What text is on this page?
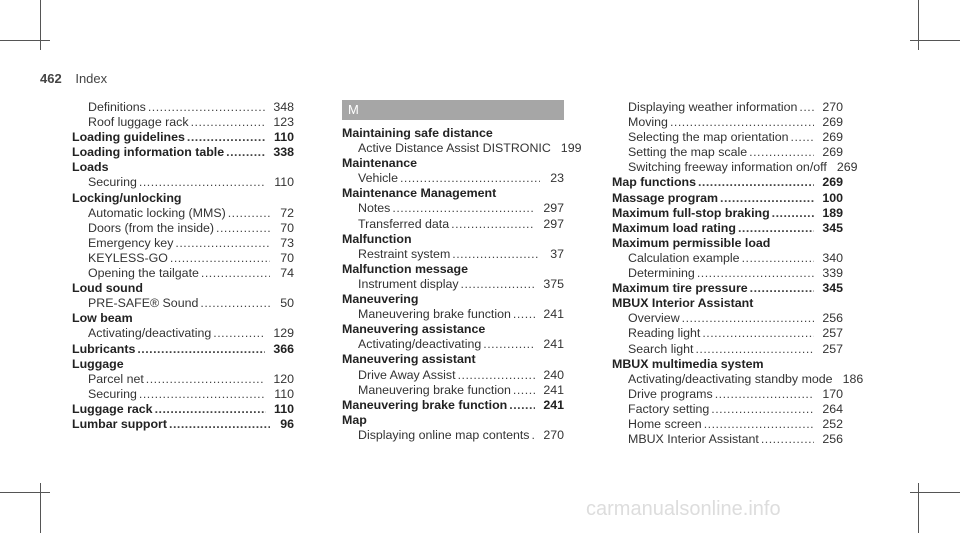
462 Index
Definitions .....	348
Roof luggage rack .....	123
Loading guidelines .....	110
Loading information table .....	338
Loads
Securing .....	110
Locking/unlocking
Automatic locking (MMS) .....	72
Doors (from the inside) .....	70
Emergency key .....	73
KEYLESS-GO .....	70
Opening the tailgate .....	74
Loud sound
PRE-SAFE® Sound .....	50
Low beam
Activating/deactivating .....	129
Lubricants .....	366
Luggage
Parcel net .....	120
Securing .....	110
Luggage rack .....	110
Lumbar support .....	96
M
Maintaining safe distance
Active Distance Assist DISTRONIC 199
Maintenance
Vehicle .....	23
Maintenance Management
Notes .....	297
Transferred data .....	297
Malfunction
Restraint system .....	37
Malfunction message
Instrument display .....	375
Maneuvering
Maneuvering brake function .....	241
Maneuvering assistance
Activating/deactivating .....	241
Maneuvering assistant
Drive Away Assist .....	240
Maneuvering brake function .....	241
Maneuvering brake function .....	241
Map
Displaying online map contents ..... 270
Displaying weather information ..... 270
Moving .....	269
Selecting the map orientation .....	269
Setting the map scale .....	269
Switching freeway information on/off 269
Map functions .....	269
Massage program .....	100
Maximum full-stop braking .....	189
Maximum load rating .....	345
Maximum permissible load
Calculation example .....	340
Determining .....	339
Maximum tire pressure .....	345
MBUX Interior Assistant
Overview .....	256
Reading light .....	257
Search light .....	257
MBUX multimedia system
Activating/deactivating standby mode 186
Drive programs .....	170
Factory setting .....	264
Home screen .....	252
MBUX Interior Assistant .....	256
carmanualsonline.info
